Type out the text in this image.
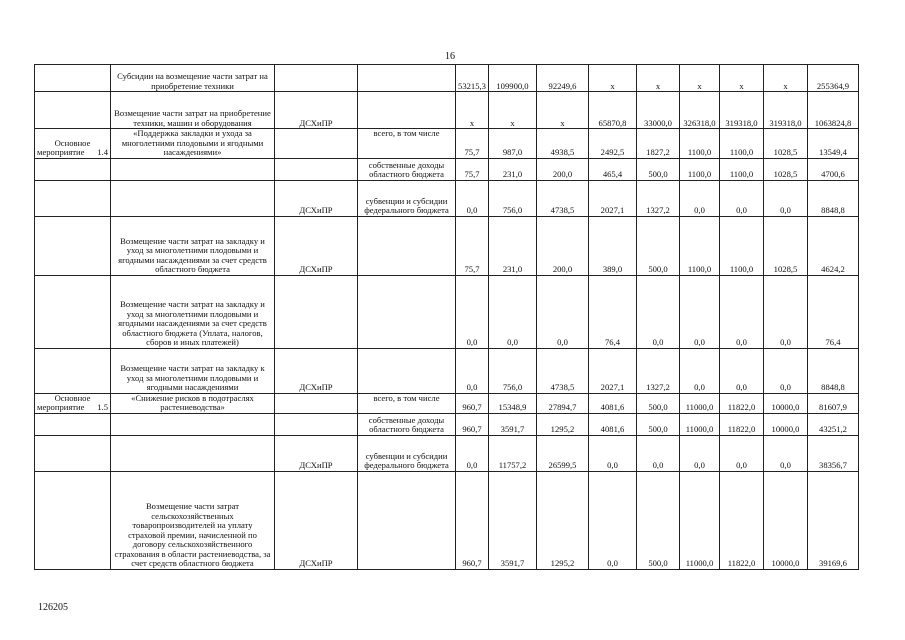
16
	Субсидии на возмещение части затрат на приобретение техники			53215,3	109900,0	92249,6	x	x	x	x	x	255364,9
	Возмещение части затрат на приобретение техники, машин и оборудования	ДСХиПР		x	x	x	65870,8	33000,0	326318,0	319318,0	319318,0	1063824,8
Основное мероприятие 1.4	«Поддержка закладки и ухода за многолетними плодовыми и ягодными насаждениями»		всего, в том числе	75,7	987,0	4938,5	2492,5	1827,2	1100,0	1100,0	1028,5	13549,4
			собственные доходы областного бюджета	75,7	231,0	200,0	465,4	500,0	1100,0	1100,0	1028,5	4700,6
		ДСХиПР	субвенции и субсидии федерального бюджета	0,0	756,0	4738,5	2027,1	1327,2	0,0	0,0	0,0	8848,8
	Возмещение части затрат на закладку и уход за многолетними плодовыми и ягодными насаждениями за счет средств областного бюджета	ДСХиПР		75,7	231,0	200,0	389,0	500,0	1100,0	1100,0	1028,5	4624,2
	Возмещение части затрат на закладку и уход за многолетними плодовыми и ягодными насаждениями за счет средств областного бюджета (Уплата, налогов, сборов и иных платежей)			0,0	0,0	0,0	76,4	0,0	0,0	0,0	0,0	76,4
	Возмещение части затрат на закладку к уход за многолетними плодовыми и ягодными насаждениями	ДСХиПР		0,0	756,0	4738,5	2027,1	1327,2	0,0	0,0	0,0	8848,8
Основное мероприятие 1.5	«Снижение рисков в подотраслях растениеводства»		всего, в том числе	960,7	15348,9	27894,7	4081,6	500,0	11000,0	11822,0	10000,0	81607,9
			собственные доходы областного бюджета	960,7	3591,7	1295,2	4081,6	500,0	11000,0	11822,0	10000,0	43251,2
		ДСХиПР	субвенции и субсидии федерального бюджета	0,0	11757,2	26599,5	0,0	0,0	0,0	0,0	0,0	38356,7
	Возмещение части затрат сельскохозяйственных товаропроизводителей на уплату страховой премии, начисленной по договору сельскохозяйственного страхования в области растениеводства, за счет средств областного бюджета	ДСХиПР		960,7	3591,7	1295,2	0,0	500,0	11000,0	11822,0	10000,0	39169,6
126205
